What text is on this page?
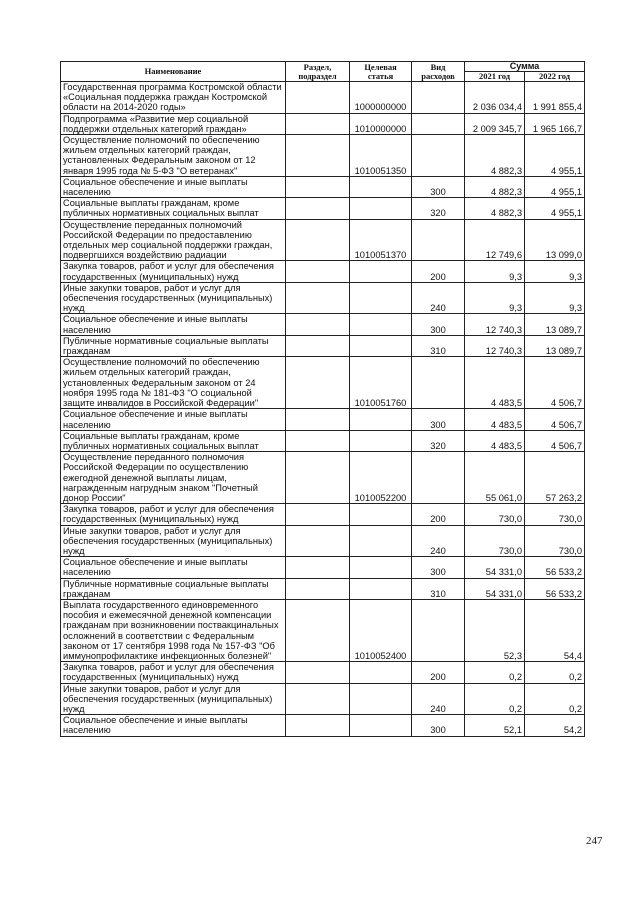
Наименование	Раздел, подраздел	Целевая статья	Вид расходов	Сумма	
				2021 год	2022 год
Государственная программа Костромской области «Социальная поддержка граждан Костромской области на 2014-2020 годы»		1000000000		2 036 034,4	1 991 855,4
Подпрограмма «Развитие мер социальной поддержки отдельных категорий граждан»		1010000000		2 009 345,7	1 965 166,7
Осуществление полномочий по обеспечению жильем отдельных категорий граждан, установленных Федеральным законом от 12 января 1995 года № 5-ФЗ "О ветеранах"		1010051350		4 882,3	4 955,1
Социальное обеспечение и иные выплаты населению			300	4 882,3	4 955,1
Социальные выплаты гражданам, кроме публичных нормативных социальных выплат			320	4 882,3	4 955,1
Осуществление переданных полномочий Российской Федерации по предоставлению отдельных мер социальной поддержки граждан, подвергшихся воздействию радиации		1010051370		12 749,6	13 099,0
Закупка товаров, работ и услуг для обеспечения государственных (муниципальных) нужд			200	9,3	9,3
Иные закупки товаров, работ и услуг для обеспечения государственных (муниципальных) нужд			240	9,3	9,3
Социальное обеспечение и иные выплаты населению			300	12 740,3	13 089,7
Публичные нормативные социальные выплаты гражданам			310	12 740,3	13 089,7
Осуществление полномочий по обеспечению жильем отдельных категорий граждан, установленных Федеральным законом от 24 ноября 1995 года № 181-ФЗ "О социальной защите инвалидов в Российской Федерации"		1010051760		4 483,5	4 506,7
Социальное обеспечение и иные выплаты населению			300	4 483,5	4 506,7
Социальные выплаты гражданам, кроме публичных нормативных социальных выплат			320	4 483,5	4 506,7
Осуществление переданного полномочия Российской Федерации по осуществлению ежегодной денежной выплаты лицам, награжденным нагрудным знаком "Почетный донор России"		1010052200		55 061,0	57 263,2
Закупка товаров, работ и услуг для обеспечения государственных (муниципальных) нужд			200	730,0	730,0
Иные закупки товаров, работ и услуг для обеспечения государственных (муниципальных) нужд			240	730,0	730,0
Социальное обеспечение и иные выплаты населению			300	54 331,0	56 533,2
Публичные нормативные социальные выплаты гражданам			310	54 331,0	56 533,2
Выплата государственного единовременного пособия и ежемесячной денежной компенсации гражданам при возникновении поствакцинальных осложнений в соответствии с Федеральным законом от 17 сентября 1998 года № 157-ФЗ "Об иммунопрофилактике инфекционных болезней"		1010052400		52,3	54,4
Закупка товаров, работ и услуг для обеспечения государственных (муниципальных) нужд			200	0,2	0,2
Иные закупки товаров, работ и услуг для обеспечения государственных (муниципальных) нужд			240	0,2	0,2
Социальное обеспечение и иные выплаты населению			300	52,1	54,2
247
